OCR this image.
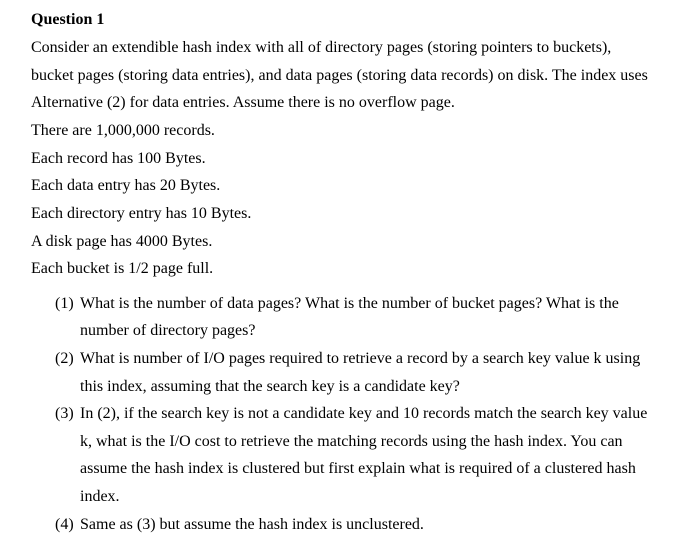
Question 1
Consider an extendible hash index with all of directory pages (storing pointers to buckets),
bucket pages (storing data entries), and data pages (storing data records) on disk. The index uses
Alternative (2) for data entries. Assume there is no overflow page.
There are 1,000,000 records.
Each record has 100 Bytes.
Each data entry has 20 Bytes.
Each directory entry has 10 Bytes.
A disk page has 4000 Bytes.
Each bucket is 1/2 page full.
(1) What is the number of data pages? What is the number of bucket pages? What is the
number of directory pages?
(2) What is number of I/O pages required to retrieve a record by a search key value k using
this index, assuming that the search key is a candidate key?
(3) In (2), if the search key is not a candidate key and 10 records match the search key value
k, what is the I/O cost to retrieve the matching records using the hash index. You can
assume the hash index is clustered but first explain what is required of a clustered hash
index.
(4) Same as (3) but assume the hash index is unclustered.
